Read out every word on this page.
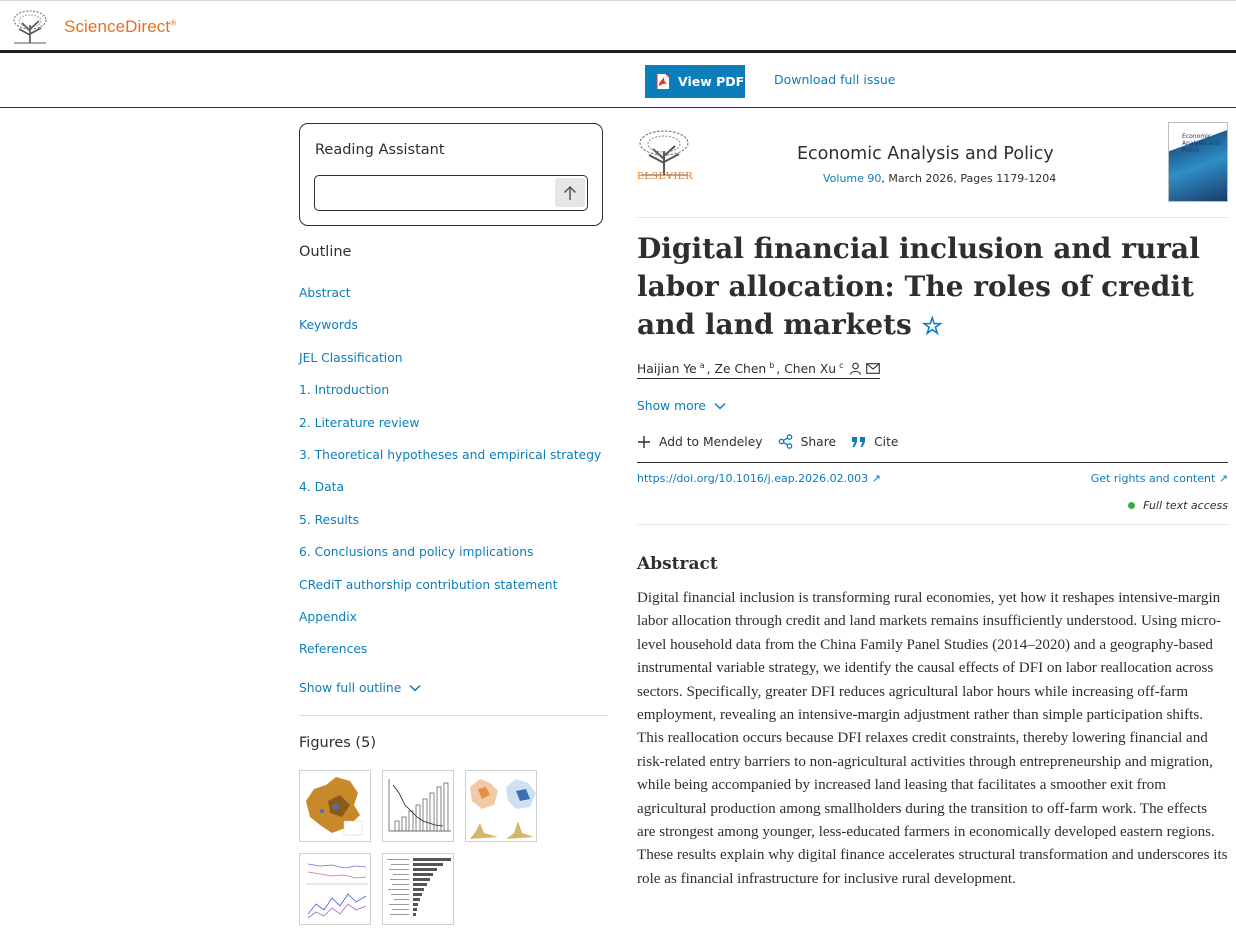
ScienceDirect®
View PDF Download full issue
Reading Assistant
Outline
Abstract
Keywords
JEL Classification
1. Introduction
2. Literature review
3. Theoretical hypotheses and empirical strategy
4. Data
5. Results
6. Conclusions and policy implications
CRediT authorship contribution statement
Appendix
References
Show full outline
Figures (5)
ELSEVIER
Economic Analysis and Policy
Volume 90, March 2026, Pages 1179-1204
Economic Analysis and Policy
Digital financial inclusion and rural labor allocation: The roles of credit and land markets ☆
Haijian Ye $^a$ , Ze Chen $^b$ , Chen Xu $^c$
Show more
Add to Mendeley	Share	Cite
https://doi.org/10.1016/j.eap.2026.02.003 ↗	Get rights and content ↗
Full text access
Abstract

Digital financial inclusion is transforming rural economies, yet how it reshapes intensive-margin labor allocation through credit and land markets remains insufficiently understood. Using micro-level household data from the China Family Panel Studies (2014–2020) and a geography-based instrumental variable strategy, we identify the causal effects of DFI on labor reallocation across sectors. Specifically, greater DFI reduces agricultural labor hours while increasing off-farm employment, revealing an intensive-margin adjustment rather than simple participation shifts. This reallocation occurs because DFI relaxes credit constraints, thereby lowering financial and risk-related entry barriers to non-agricultural activities through entrepreneurship and migration, while being accompanied by increased land leasing that facilitates a smoother exit from agricultural production among smallholders during the transition to off-farm work. The effects are strongest among younger, less-educated farmers in economically developed eastern regions. These results explain why digital finance accelerates structural transformation and underscores its role as financial infrastructure for inclusive rural development.
